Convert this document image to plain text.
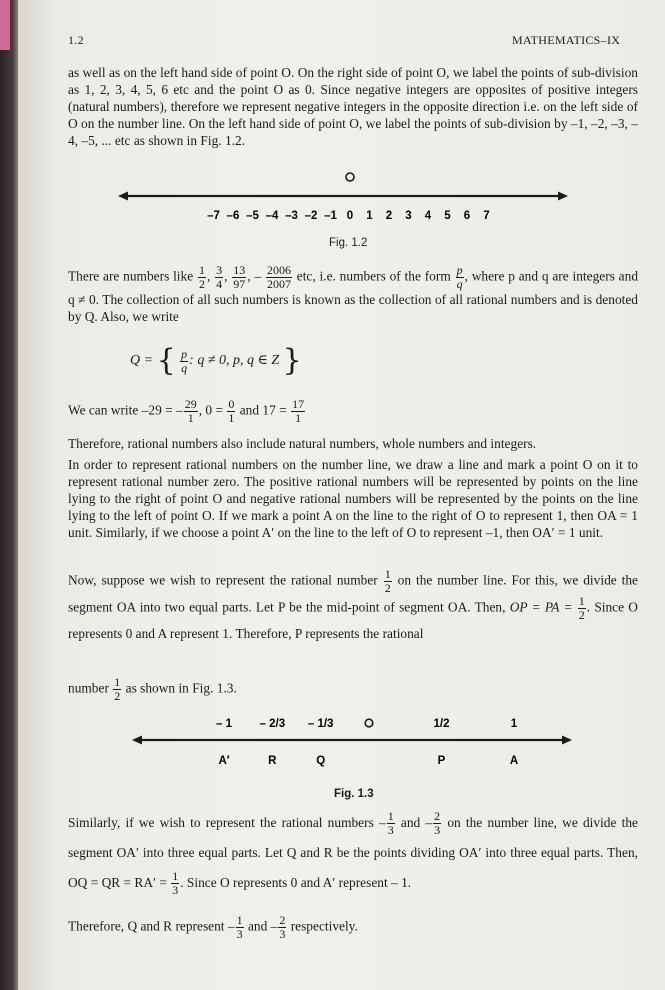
1.2	MATHEMATICS–IX
as well as on the left hand side of point O. On the right side of point O, we label the points of sub-division as 1, 2, 3, 4, 5, 6 etc and the point O as 0. Since negative integers are opposites of positive integers (natural numbers), therefore we represent negative integers in the opposite direction i.e. on the left side of O on the number line. On the left hand side of point O, we label the points of sub-division by –1, –2, –3, –4, –5, ... etc as shown in Fig. 1.2.
–7 –6 –5 –4 –3 –2 –1 0 1 2 3 4 5 6 7
Fig. 1.2
There are numbers like $\frac{1}{2}$ , $\frac{3}{4}$ , $\frac{13}{97}$ , – $\frac{2006}{2007}$ etc, i.e. numbers of the form $\frac{p}{q}$ , where p and q are integers and q ≠ 0. The collection of all such numbers is known as the collection of all rational numbers and is denoted by Q. Also, we write
Q = { $\frac{p}{q}$ : q ≠ 0, p, q ∈ Z }
We can write –29 = – $\frac{29}{1}$ , $0 = \frac{0}{1}$ and $17 = \frac{17}{1}$
Therefore, rational numbers also include natural numbers, whole numbers and integers.
In order to represent rational numbers on the number line, we draw a line and mark a point O on it to represent rational number zero. The positive rational numbers will be represented by points on the line lying to the right of point O and negative rational numbers will be represented by the points on the line lying to the left of point O. If we mark a point A on the line to the right of O to represent 1, then OA = 1 unit. Similarly, if we choose a point A′ on the line to the left of O to represent –1, then OA′ = 1 unit.
Now, suppose we wish to represent the rational number $\frac{1}{2}$ on the number line. For this, we divide the segment OA into two equal parts. Let P be the mid-point of segment OA. Then, OP = PA = $\frac{1}{2}$ . Since O represents 0 and A represent 1. Therefore, P represents the rational
number $\frac{1}{2}$ as shown in Fig. 1.3.
– 1
A′
– 2/3
R
– 1/3
Q
1/2
P
1
A
Fig. 1.3
Similarly, if we wish to represent the rational numbers – $\frac{1}{3}$ and – $\frac{2}{3}$ on the number line, we divide the segment OA′ into three equal parts. Let Q and R be the points dividing OA′ into three equal parts. Then, OQ = QR = $RA' = \frac{1}{3}$ . Since O represents 0 and A′ represent – 1.
Therefore, Q and R represent – $\frac{1}{3}$ and – $\frac{2}{3}$ respectively.
